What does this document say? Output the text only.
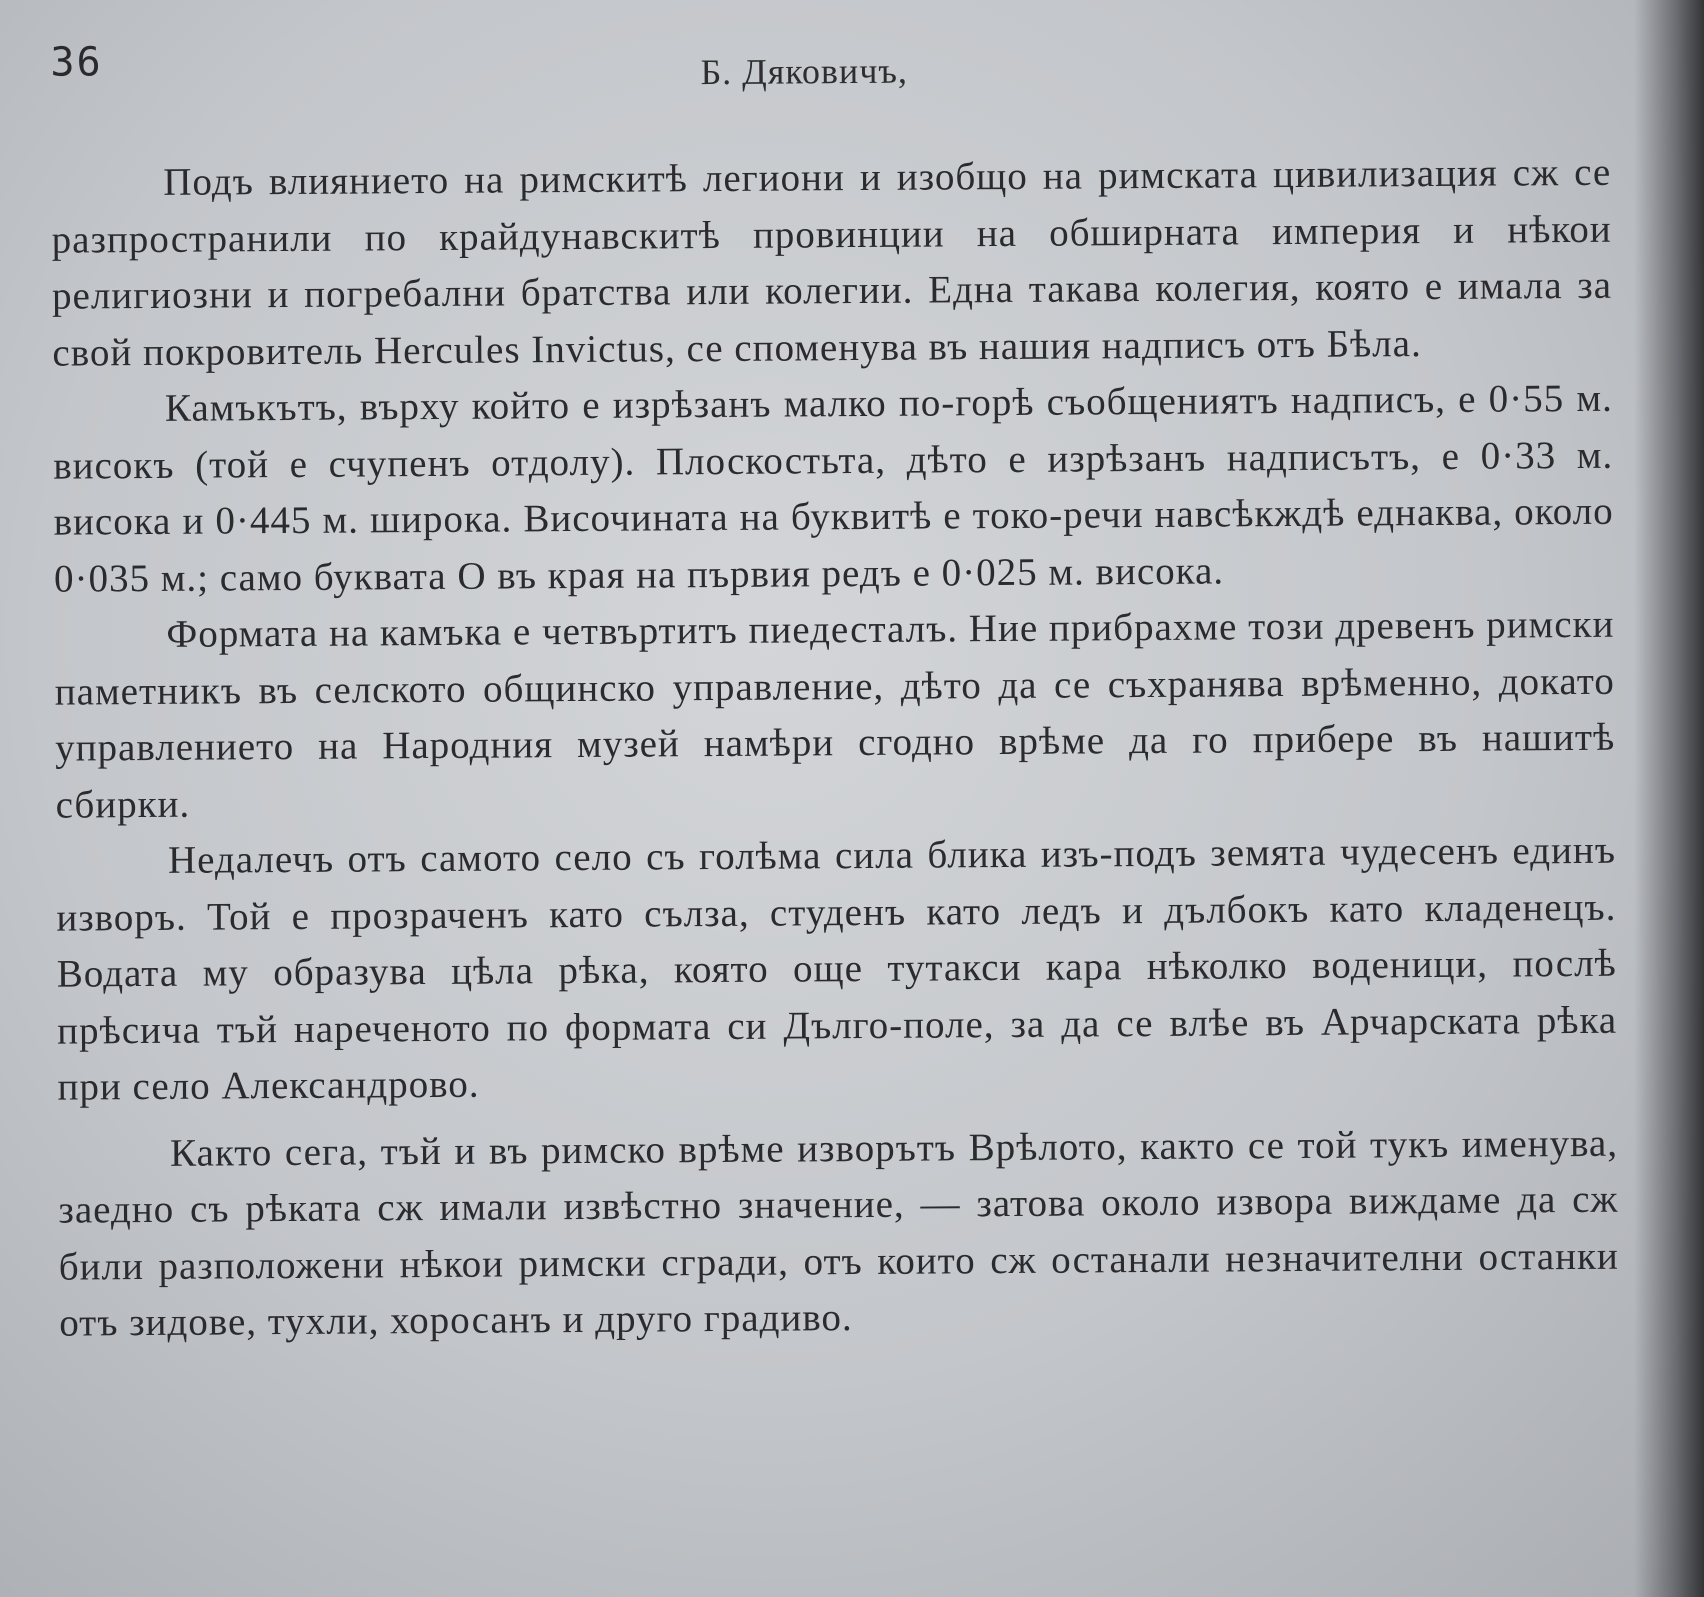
36	Б. Дяковичъ,

Подъ влиянието на римскитѣ легиони и изобщо на римската цивилизация сж се разпространили по крайдунавскитѣ провинции на обширната империя и нѣкои религиозни и погребални братства или колегии. Една такава колегия, която е имала за свой покровитель Hercules Invictus, се споменува въ нашия надписъ отъ Бѣла.

Камъкътъ, върху който е изрѣзанъ малко по-горѣ съобщениятъ надписъ, е 0·55 м. високъ (той е счупенъ отдолу). Плоскостьта, дѣто е изрѣзанъ надписътъ, е 0·33 м. висока и 0·445 м. широка. Височината на буквитѣ е токо-речи навсѣкждѣ еднаква, около 0·035 м.; само буквата О въ края на първия редъ е 0·025 м. висока.

Формата на камъка е четвъртитъ пиедесталъ. Ние прибрахме този древенъ римски паметникъ въ селското общинско управление, дѣто да се съхранява врѣменно, докато управлението на Народния музей намѣри сгодно врѣме да го прибере въ нашитѣ сбирки.

Недалечъ отъ самото село съ голѣма сила блика изъ-подъ земята чудесенъ единъ изворъ. Той е прозраченъ като сълза, студенъ като ледъ и дълбокъ като кладенецъ. Водата му образува цѣла рѣка, която още тутакси кара нѣколко воденици, послѣ прѣсича тъй нареченото по формата си Дълго-поле, за да се влѣе въ Арчарската рѣка при село Александрово.

Както сега, тъй и въ римско врѣме изворътъ Врѣлото, както се той тукъ именува, заедно съ рѣката сж имали извѣстно значение, — затова около извора виждаме да сж били разположени нѣкои римски сгради, отъ които сж останали незначителни останки отъ зидове, тухли, хоросанъ и друго градиво.
